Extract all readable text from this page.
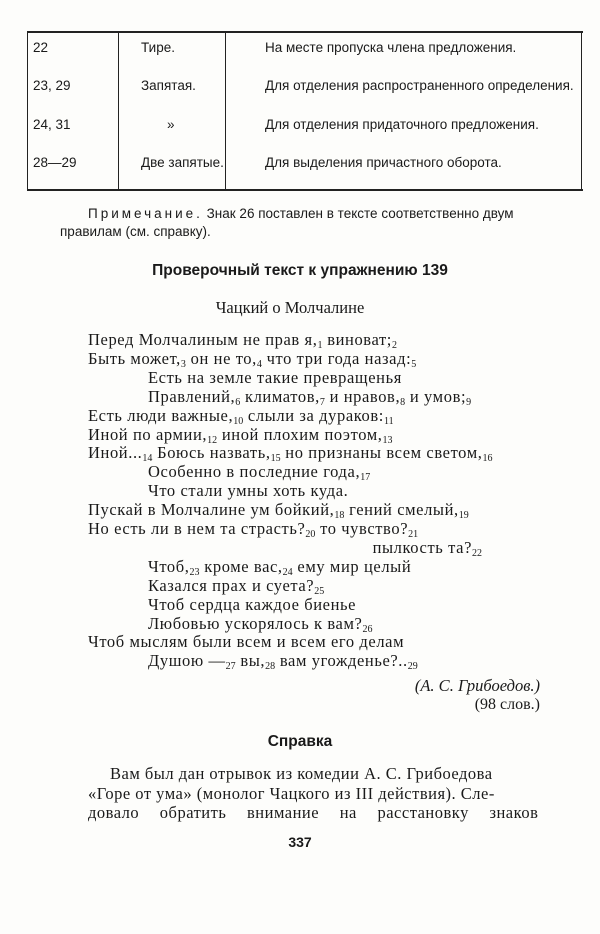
22	Тире.	На месте пропуска члена предложения.
23, 29	Запятая.	Для отделения распространенного определения.
24, 31	»	Для отделения придаточного предложения.
28—29	Две запятые.	Для выделения причастного оборота.
Примечание. Знак 26 поставлен в тексте соответственно двум
правилам (см. справку).
Проверочный текст к упражнению 139
Чацкий о Молчалине
Перед Молчалиным не прав $я,_1$ $виноват;_2$
Быть $может,_3$ он не $то,_4$ что три года $назад:_5$
Есть на земле такие превращенья
$Правлений,_6$ $климатов,_7$ и $нравов,_8$ и $умов;_9$
Есть люди $важные,_{10}$ слыли за $дураков:_{11}$
Иной по $армии,_{12}$ иной плохим $поэтом,_{13}$
$Иной..._{14}$ Боюсь $назвать,_{15}$ но признаны всем $светом,_{16}$
Особенно в последние $года,_{17}$
Что стали умны хоть куда.
Пускай в Молчалине ум $бойкий,_{18}$ гений $смелый,_{19}$
Но есть ли в нем та $страсть?_{20}$ то $чувство?_{21}$
пылкость $та?_{22}$
$Чтоб,_{23}$ кроме $вас,_{24}$ ему мир целый
Казался прах и $суета?_{25}$
Чтоб сердца каждое биенье
Любовью ускорялось к $вам?_{26}$
Чтоб мыслям были всем и всем его делам
Душою $—_{27}$ $вы,_{28}$ вам $угожденье?.._{29}$
(А. С. Грибоедов.)
(98 слов.)
Справка
Вам был дан отрывок из комедии А. С. Грибоедова
«Горе от ума» (монолог Чацкого из III действия). Сле-
довало обратить внимание на расстановку знаков
337
